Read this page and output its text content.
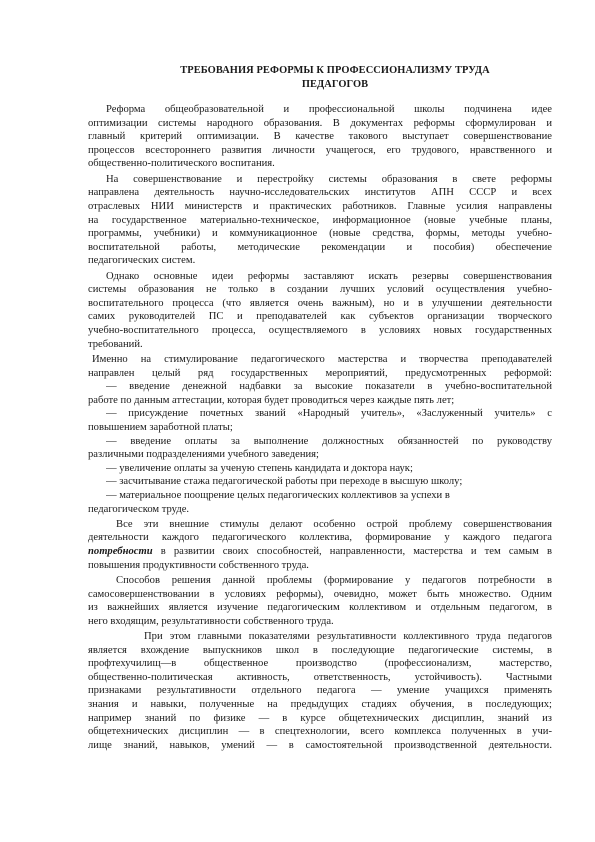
ТРЕБОВАНИЯ РЕФОРМЫ К ПРОФЕССИОНАЛИЗМУ ТРУДА
ПЕДАГОГОВ
Реформа общеобразовательной и профессиональной школы подчинена идее
оптимизации системы народного образования. В документах реформы сформулирован и
главный критерий оптимизации. В качестве такового выступает совершенствование
процессов всестороннего развития личности учащегося, его трудового, нравственного и
общественно-политического воспитания.
На совершенствование и перестройку системы образования в свете реформы
направлена деятельность научно-исследовательских институтов АПН СССР и всех
отраслевых НИИ министерств и практических работников. Главные усилия направлены
на государственное материально-техническое, информационное (новые учебные планы,
программы, учебники) и коммуникационное (новые средства, формы, методы учебно-
воспитательной работы, методические рекомендации и пособия) обеспечение
педагогических систем.
Однако основные идеи реформы заставляют искать резервы совершенствования
системы образования не только в создании лучших условий осуществления учебно-
воспитательного процесса (что является очень важным), но и в улучшении деятельности
самих руководителей ПС и преподавателей как субъектов организации творческого
учебно-воспитательного процесса, осуществляемого в условиях новых государственных
требований.
Именно на стимулирование педагогического мастерства и творчества преподавателей
направлен целый ряд государственных мероприятий, предусмотренных реформой:
— введение денежной надбавки за высокие показатели в учебно-воспитательной
работе по данным аттестации, которая будет проводиться через каждые пять лет;
— присуждение почетных званий «Народный учитель», «Заслуженный учитель» с
повышением заработной платы;
— введение оплаты за выполнение должностных обязанностей по руководству
различными подразделениями учебного заведения;
— увеличение оплаты за ученую степень кандидата и доктора наук;
— засчитывание стажа педагогической работы при переходе в высшую школу;
— материальное поощрение целых педагогических коллективов за успехи в
педагогическом труде.
Все эти внешние стимулы делают особенно острой проблему совершенствования
деятельности каждого педагогического коллектива, формирование у каждого педагога
потребности в развитии своих способностей, направленности, мастерства и тем самым в
повышения продуктивности собственного труда.
Способов решения данной проблемы (формирование у педагогов потребности в
самосовершенствовании в условиях реформы), очевидно, может быть множество. Одним
из важнейших является изучение педагогическим коллективом и отдельным педагогом, в
него входящим, результативности собственного труда.
При этом главными показателями результативности коллективного труда педагогов
является вхождение выпускников школ в последующие педагогические системы, в
профтехучилищ—в общественное производство (профессионализм, мастерство,
общественно-политическая активность, ответственность, устойчивость). Частными
признаками результативности отдельного педагога — умение учащихся применять
знания и навыки, полученные на предыдущих стадиях обучения, в последующих;
например знаний по физике — в курсе общетехнических дисциплин, знаний из
общетехнических дисциплин — в спецтехнологии, всего комплекса полученных в учи-
лище знаний, навыков, умений — в самостоятельной производственной деятельности.
